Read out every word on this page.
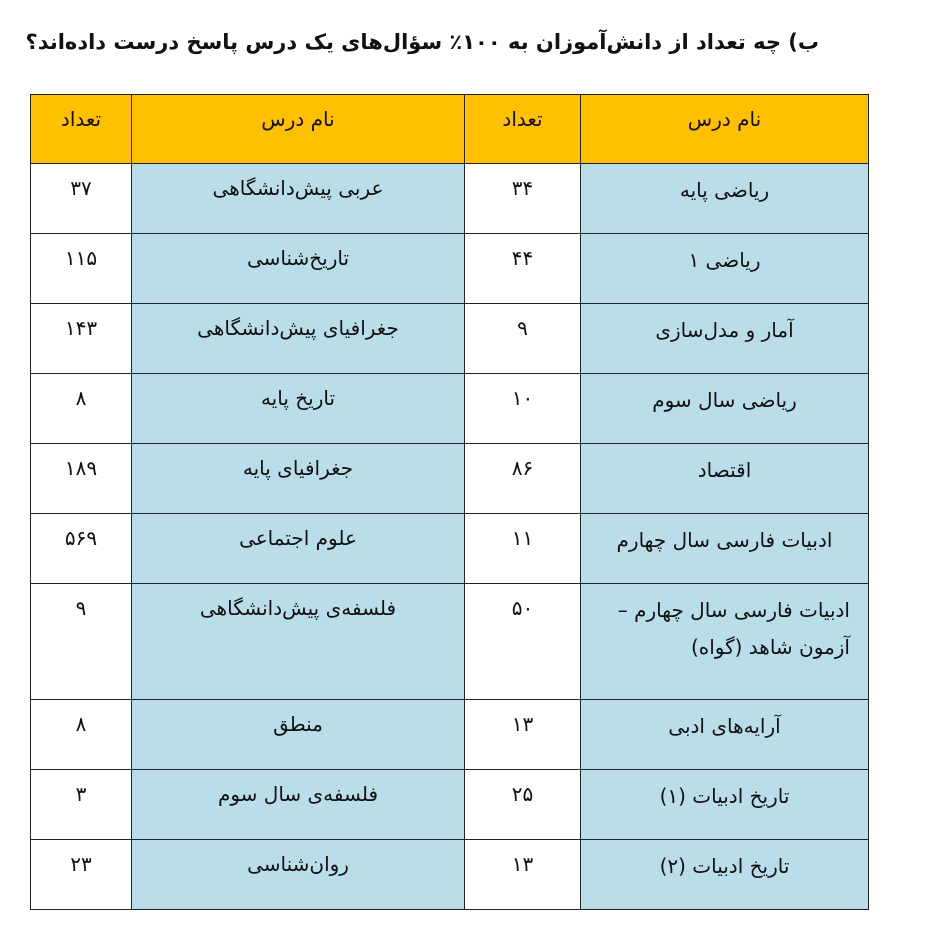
ب) چه تعداد از دانش‌آموزان به ۱۰۰٪ سؤال‌های یک درس پاسخ درست داده‌اند؟
نام درس	تعداد	نام درس	تعداد
ریاضی پایه	۳۴	عربی پیش‌دانشگاهی	۳۷
ریاضی ۱	۴۴	تاریخ‌شناسی	۱۱۵
آمار و مدل‌سازی	۹	جغرافیای پیش‌دانشگاهی	۱۴۳
ریاضی سال سوم	۱۰	تاریخ پایه	۸
اقتصاد	۸۶	جغرافیای پایه	۱۸۹
ادبیات فارسی سال چهارم	۱۱	علوم اجتماعی	۵۶۹
ادبیات فارسی سال چهارم – آزمون شاهد (گواه)	۵۰	فلسفه‌ی پیش‌دانشگاهی	۹
آرایه‌های ادبی	۱۳	منطق	۸
تاریخ ادبیات (۱)	۲۵	فلسفه‌ی سال سوم	۳
تاریخ ادبیات (۲)	۱۳	روان‌شناسی	۲۳
